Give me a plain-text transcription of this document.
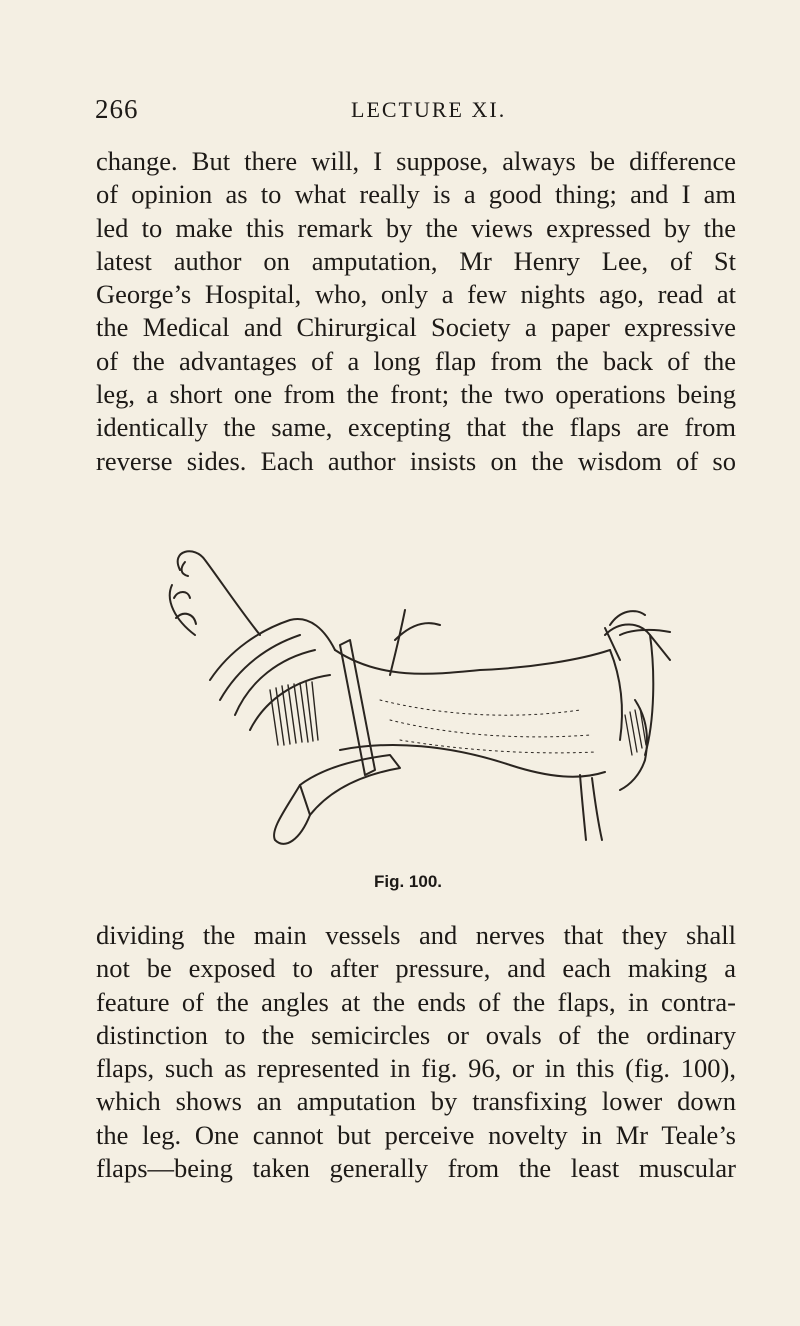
266	LECTURE XI.
change. But there will, I suppose, always be difference
of opinion as to what really is a good thing; and I am
led to make this remark by the views expressed by the
latest author on amputation, Mr Henry Lee, of St
George’s Hospital, who, only a few nights ago, read at
the Medical and Chirurgical Society a paper expressive
of the advantages of a long flap from the back of the
leg, a short one from the front; the two operations being
identically the same, excepting that the flaps are from
reverse sides. Each author insists on the wisdom of so
Fig. 100.
dividing the main vessels and nerves that they shall
not be exposed to after pressure, and each making a
feature of the angles at the ends of the flaps, in contra-
distinction to the semicircles or ovals of the ordinary
flaps, such as represented in fig. 96, or in this (fig. 100),
which shows an amputation by transfixing lower down
the leg. One cannot but perceive novelty in Mr Teale’s
flaps—being taken generally from the least muscular
